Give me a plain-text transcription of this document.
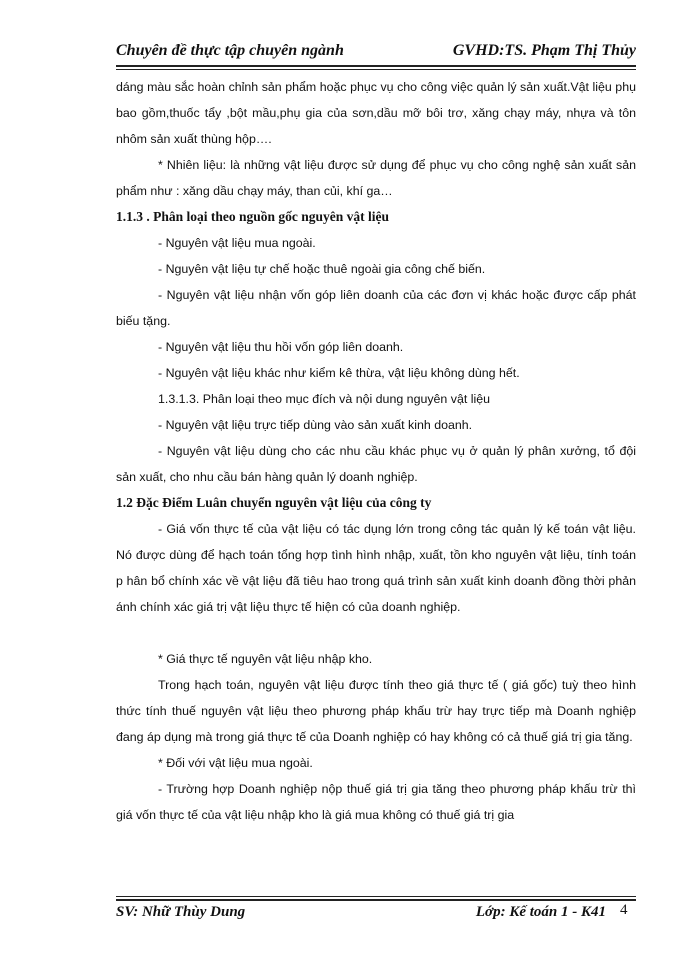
Chuyên đề thực tập chuyên ngành	GVHD:TS. Phạm Thị Thủy

dáng màu sắc hoàn chỉnh sản phẩm hoặc phục vụ cho công việc quản lý sản xuất.Vật liệu phụ bao gồm,thuốc tẩy ,bột mầu,phụ gia của sơn,dầu mỡ bôi trơ, xăng chạy máy, nhựa và tôn nhôm sản xuất thùng hộp….

* Nhiên liệu: là những vật liệu được sử dụng để phục vụ cho công nghệ sản xuất sản phẩm như : xăng dầu chạy máy, than củi, khí ga…

1.1.3 . Phân loại theo nguồn gốc nguyên vật liệu

- Nguyên vật liệu mua ngoài.

- Nguyên vật liệu tự chế hoặc thuê ngoài gia công chế biến.

- Nguyên vật liệu nhận vốn góp liên doanh của các đơn vị khác hoặc được cấp phát biếu tặng.

- Nguyên vật liệu thu hồi vốn góp liên doanh.

- Nguyên vật liệu khác như kiểm kê thừa, vật liệu không dùng hết.

1.3.1.3. Phân loại theo mục đích và nội dung nguyên vật liệu

- Nguyên vật liệu trực tiếp dùng vào sản xuất kinh doanh.

- Nguyên vật liệu dùng cho các nhu cầu khác phục vụ ở quản lý phân xưởng, tổ đội sản xuất, cho nhu cầu bán hàng quản lý doanh nghiệp.

1.2 Đặc Điểm Luân chuyển nguyên vật liệu của công ty

- Giá vốn thực tế của vật liệu có tác dụng lớn trong công tác quản lý kế toán vật liệu. Nó được dùng để hạch toán tổng hợp tình hình nhập, xuất, tồn kho nguyên vật liệu, tính toán p hân bổ chính xác về vật liệu đã tiêu hao trong quá trình sản xuất kinh doanh đồng thời phản ánh chính xác giá trị vật liệu thực tế hiện có của doanh nghiệp.

* Giá thực tế nguyên vật liệu nhập kho.

Trong hạch toán, nguyên vật liệu được tính theo giá thực tế ( giá gốc) tuỳ theo hình thức tính thuế nguyên vật liệu theo phương pháp khấu trừ hay trực tiếp mà Doanh nghiệp đang áp dụng mà trong giá thực tế của Doanh nghiệp có hay không có cả thuế giá trị gia tăng.

* Đối với vật liệu mua ngoài.

- Trường hợp Doanh nghiệp nộp thuế giá trị gia tăng theo phương pháp khấu trừ thì giá vốn thực tế của vật liệu nhập kho là giá mua không có thuế giá trị gia

SV: Nhữ Thùy Dung	Lớp: Kế toán 1 - K41 4
